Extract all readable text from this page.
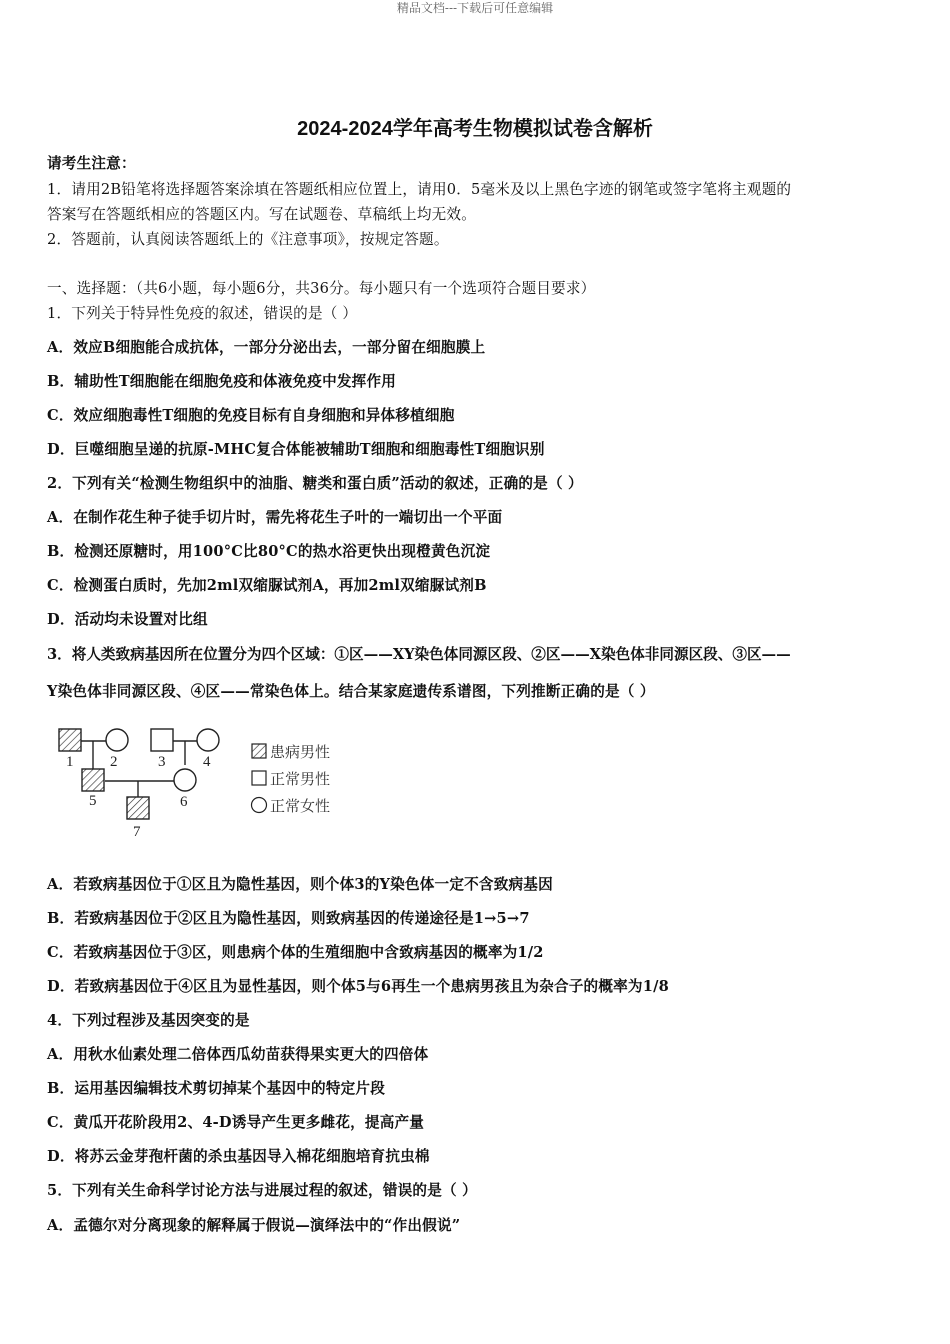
精品文档---下载后可任意编辑
2024-2024学年高考生物模拟试卷含解析
请考生注意：
1．请用2B铅笔将选择题答案涂填在答题纸相应位置上，请用0．5毫米及以上黑色字迹的钢笔或签字笔将主观题的
答案写在答题纸相应的答题区内。写在试题卷、草稿纸上均无效。
2．答题前，认真阅读答题纸上的《注意事项》，按规定答题。
一、选择题：（共6小题，每小题6分，共36分。每小题只有一个选项符合题目要求）
1．下列关于特异性免疫的叙述，错误的是（ ）
A．效应B细胞能合成抗体，一部分分泌出去，一部分留在细胞膜上
B．辅助性T细胞能在细胞免疫和体液免疫中发挥作用
C．效应细胞毒性T细胞的免疫目标有自身细胞和异体移植细胞
D．巨噬细胞呈递的抗原-MHC复合体能被辅助T细胞和细胞毒性T细胞识别
2．下列有关“检测生物组织中的油脂、糖类和蛋白质”活动的叙述，正确的是（ ）
A．在制作花生种子徒手切片时，需先将花生子叶的一端切出一个平面
B．检测还原糖时，用100°C比80°C的热水浴更快出现橙黄色沉淀
C．检测蛋白质时，先加2ml双缩脲试剂A，再加2ml双缩脲试剂B
D．活动均未设置对比组
3．将人类致病基因所在位置分为四个区域：①区——XY染色体同源区段、②区——X染色体非同源区段、③区——
Y染色体非同源区段、④区——常染色体上。结合某家庭遗传系谱图，下列推断正确的是（ ）
1 2	3	4
5	6
7
患病男性
正常男性
正常女性
A．若致病基因位于①区且为隐性基因，则个体3的Y染色体一定不含致病基因
B．若致病基因位于②区且为隐性基因，则致病基因的传递途径是1→5→7
C．若致病基因位于③区，则患病个体的生殖细胞中含致病基因的概率为1/2
D．若致病基因位于④区且为显性基因，则个体5与6再生一个患病男孩且为杂合子的概率为1/8
4．下列过程涉及基因突变的是
A．用秋水仙素处理二倍体西瓜幼苗获得果实更大的四倍体
B．运用基因编辑技术剪切掉某个基因中的特定片段
C．黄瓜开花阶段用2、4-D诱导产生更多雌花，提高产量
D．将苏云金芽孢杆菌的杀虫基因导入棉花细胞培育抗虫棉
5．下列有关生命科学讨论方法与进展过程的叙述，错误的是（ ）
A．孟德尔对分离现象的解释属于假说—演绎法中的“作出假说”
